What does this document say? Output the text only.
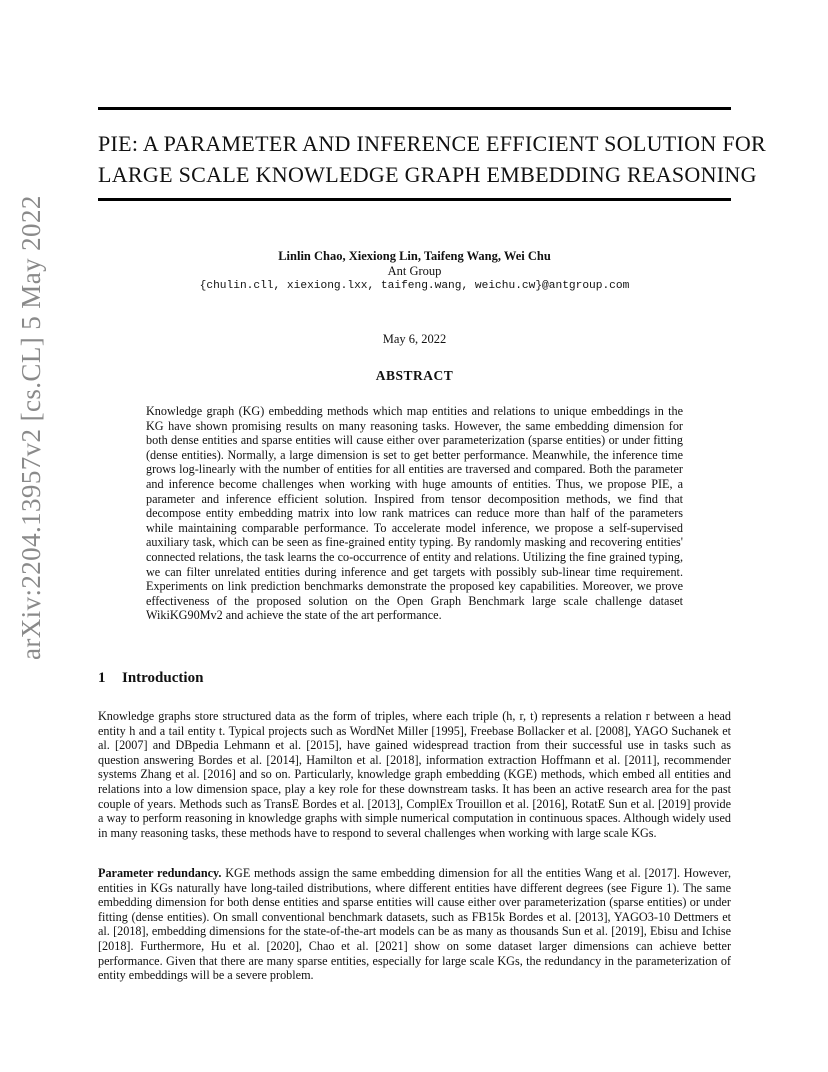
arXiv:2204.13957v2 [cs.CL] 5 May 2022
PIE: A PARAMETER AND INFERENCE EFFICIENT SOLUTION FOR
LARGE SCALE KNOWLEDGE GRAPH EMBEDDING REASONING
Linlin Chao, Xiexiong Lin, Taifeng Wang, Wei Chu
Ant Group
{chulin.cll, xiexiong.lxx, taifeng.wang, weichu.cw}@antgroup.com
May 6, 2022
ABSTRACT
Knowledge graph (KG) embedding methods which map entities and relations to unique embeddings in the KG have shown promising results on many reasoning tasks. However, the same embedding dimension for both dense entities and sparse entities will cause either over parameterization (sparse entities) or under fitting (dense entities). Normally, a large dimension is set to get better performance. Meanwhile, the inference time grows log-linearly with the number of entities for all entities are traversed and compared. Both the parameter and inference become challenges when working with huge amounts of entities. Thus, we propose PIE, a parameter and inference efficient solution. Inspired from tensor decomposition methods, we find that decompose entity embedding matrix into low rank matrices can reduce more than half of the parameters while maintaining comparable performance. To accelerate model inference, we propose a self-supervised auxiliary task, which can be seen as fine-grained entity typing. By randomly masking and recovering entities' connected relations, the task learns the co-occurrence of entity and relations. Utilizing the fine grained typing, we can filter unrelated entities during inference and get targets with possibly sub-linear time requirement. Experiments on link prediction benchmarks demonstrate the proposed key capabilities. Moreover, we prove effectiveness of the proposed solution on the Open Graph Benchmark large scale challenge dataset WikiKG90Mv2 and achieve the state of the art performance.
1 Introduction
Knowledge graphs store structured data as the form of triples, where each triple (h, r, t) represents a relation r between a head entity h and a tail entity t. Typical projects such as WordNet Miller [1995], Freebase Bollacker et al. [2008], YAGO Suchanek et al. [2007] and DBpedia Lehmann et al. [2015], have gained widespread traction from their successful use in tasks such as question answering Bordes et al. [2014], Hamilton et al. [2018], information extraction Hoffmann et al. [2011], recommender systems Zhang et al. [2016] and so on. Particularly, knowledge graph embedding (KGE) methods, which embed all entities and relations into a low dimension space, play a key role for these downstream tasks. It has been an active research area for the past couple of years. Methods such as TransE Bordes et al. [2013], ComplEx Trouillon et al. [2016], RotatE Sun et al. [2019] provide a way to perform reasoning in knowledge graphs with simple numerical computation in continuous spaces. Although widely used in many reasoning tasks, these methods have to respond to several challenges when working with large scale KGs.
Parameter redundancy. KGE methods assign the same embedding dimension for all the entities Wang et al. [2017]. However, entities in KGs naturally have long-tailed distributions, where different entities have different degrees (see Figure 1). The same embedding dimension for both dense entities and sparse entities will cause either over parameterization (sparse entities) or under fitting (dense entities). On small conventional benchmark datasets, such as FB15k Bordes et al. [2013], YAGO3-10 Dettmers et al. [2018], embedding dimensions for the state-of-the-art models can be as many as thousands Sun et al. [2019], Ebisu and Ichise [2018]. Furthermore, Hu et al. [2020], Chao et al. [2021] show on some dataset larger dimensions can achieve better performance. Given that there are many sparse entities, especially for large scale KGs, the redundancy in the parameterization of entity embeddings will be a severe problem.
